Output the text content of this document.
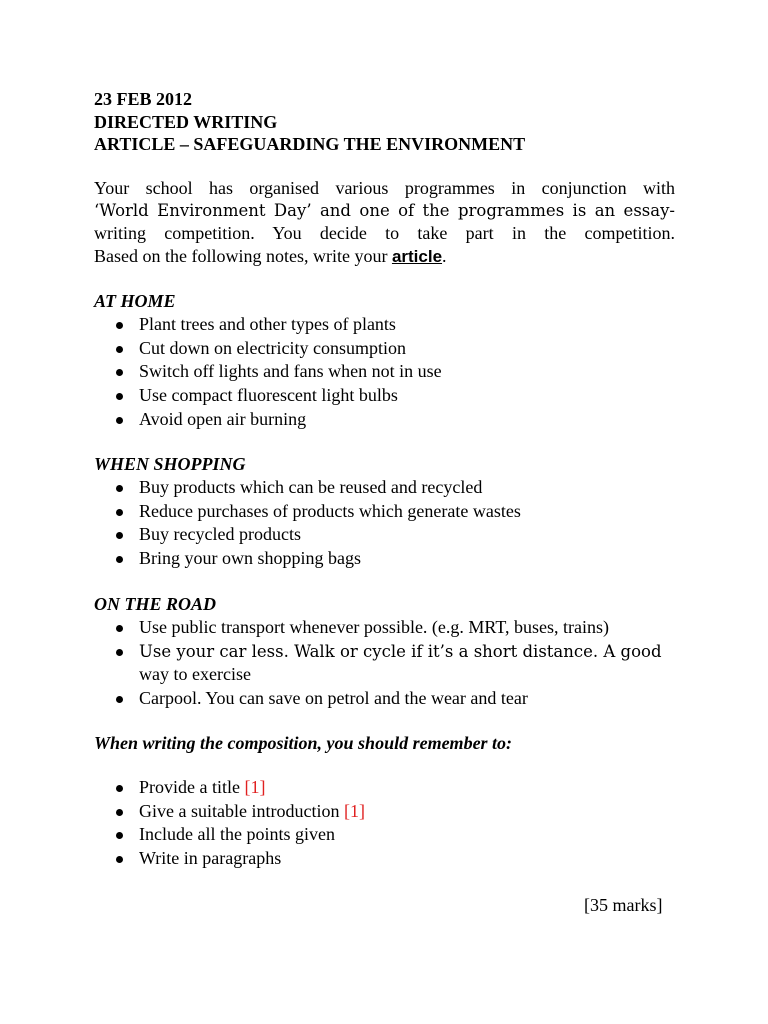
23 FEB 2012
DIRECTED WRITING
ARTICLE – SAFEGUARDING THE ENVIRONMENT
Your school has organised various programmes in conjunction with
‘World Environment Day’ and one of the programmes is an essay-
writing competition. You decide to take part in the competition.
Based on the following notes, write your article.
AT HOME
Plant trees and other types of plants
Cut down on electricity consumption
Switch off lights and fans when not in use
Use compact fluorescent light bulbs
Avoid open air burning
WHEN SHOPPING
Buy products which can be reused and recycled
Reduce purchases of products which generate wastes
Buy recycled products
Bring your own shopping bags
ON THE ROAD
Use public transport whenever possible. (e.g. MRT, buses, trains)
Use your car less. Walk or cycle if it’s a short distance. A good
way to exercise
Carpool. You can save on petrol and the wear and tear
When writing the composition, you should remember to:
Provide a title [1]
Give a suitable introduction [1]
Include all the points given
Write in paragraphs
[35 marks]
